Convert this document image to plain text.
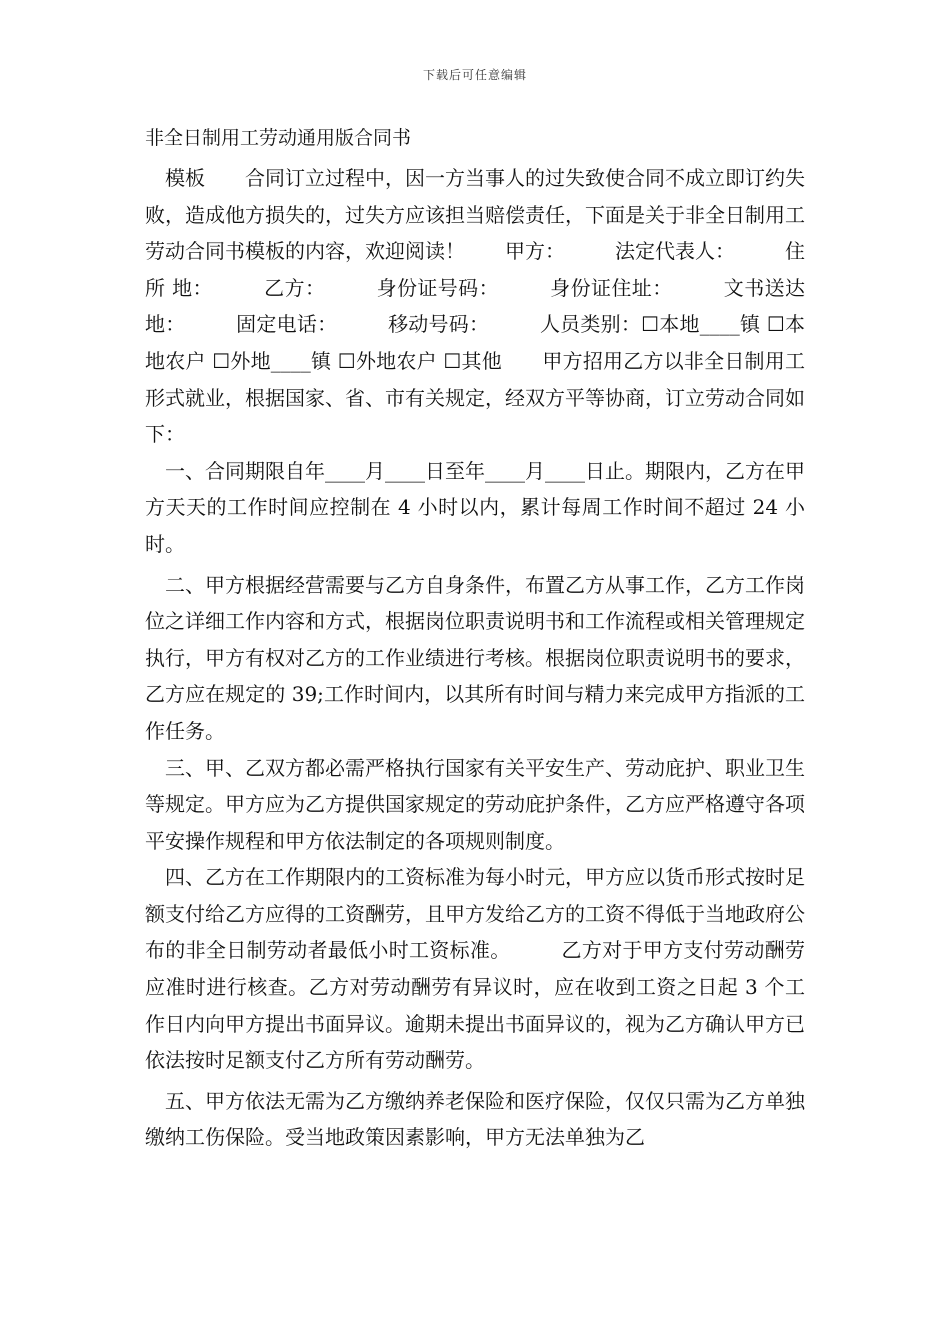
下载后可任意编辑
非全日制用工劳动通用版合同书

模板　　合同订立过程中，因一方当事人的过失致使合同不成立即订约失败，造成他方损失的，过失方应该担当赔偿责任，下面是关于非全日制用工劳动合同书模板的内容，欢迎阅读！　　甲方：　　　法定代表人：　　　住 所 地：　　　乙方：　　　身份证号码：　　　身份证住址：　　　文书送达地：　　　固定电话：　　　移动号码：　　　人员类别：☐本地____镇 ☐本地农户 ☐外地____镇 ☐外地农户 ☐其他　　甲方招用乙方以非全日制用工形式就业，根据国家、省、市有关规定，经双方平等协商，订立劳动合同如下：

一、合同期限自年____月____日至年____月____日止。期限内，乙方在甲方天天的工作时间应控制在 4 小时以内，累计每周工作时间不超过 24 小时。

二、甲方根据经营需要与乙方自身条件，布置乙方从事工作，乙方工作岗位之详细工作内容和方式，根据岗位职责说明书和工作流程或相关管理规定执行，甲方有权对乙方的工作业绩进行考核。根据岗位职责说明书的要求，乙方应在规定的 39;工作时间内，以其所有时间与精力来完成甲方指派的工作任务。

三、甲、乙双方都必需严格执行国家有关平安生产、劳动庇护、职业卫生等规定。甲方应为乙方提供国家规定的劳动庇护条件，乙方应严格遵守各项平安操作规程和甲方依法制定的各项规则制度。

四、乙方在工作期限内的工资标准为每小时元，甲方应以货币形式按时足额支付给乙方应得的工资酬劳，且甲方发给乙方的工资不得低于当地政府公布的非全日制劳动者最低小时工资标准。　　　乙方对于甲方支付劳动酬劳应准时进行核查。乙方对劳动酬劳有异议时，应在收到工资之日起 3 个工作日内向甲方提出书面异议。逾期未提出书面异议的，视为乙方确认甲方已依法按时足额支付乙方所有劳动酬劳。

五、甲方依法无需为乙方缴纳养老保险和医疗保险，仅仅只需为乙方单独缴纳工伤保险。受当地政策因素影响，甲方无法单独为乙
